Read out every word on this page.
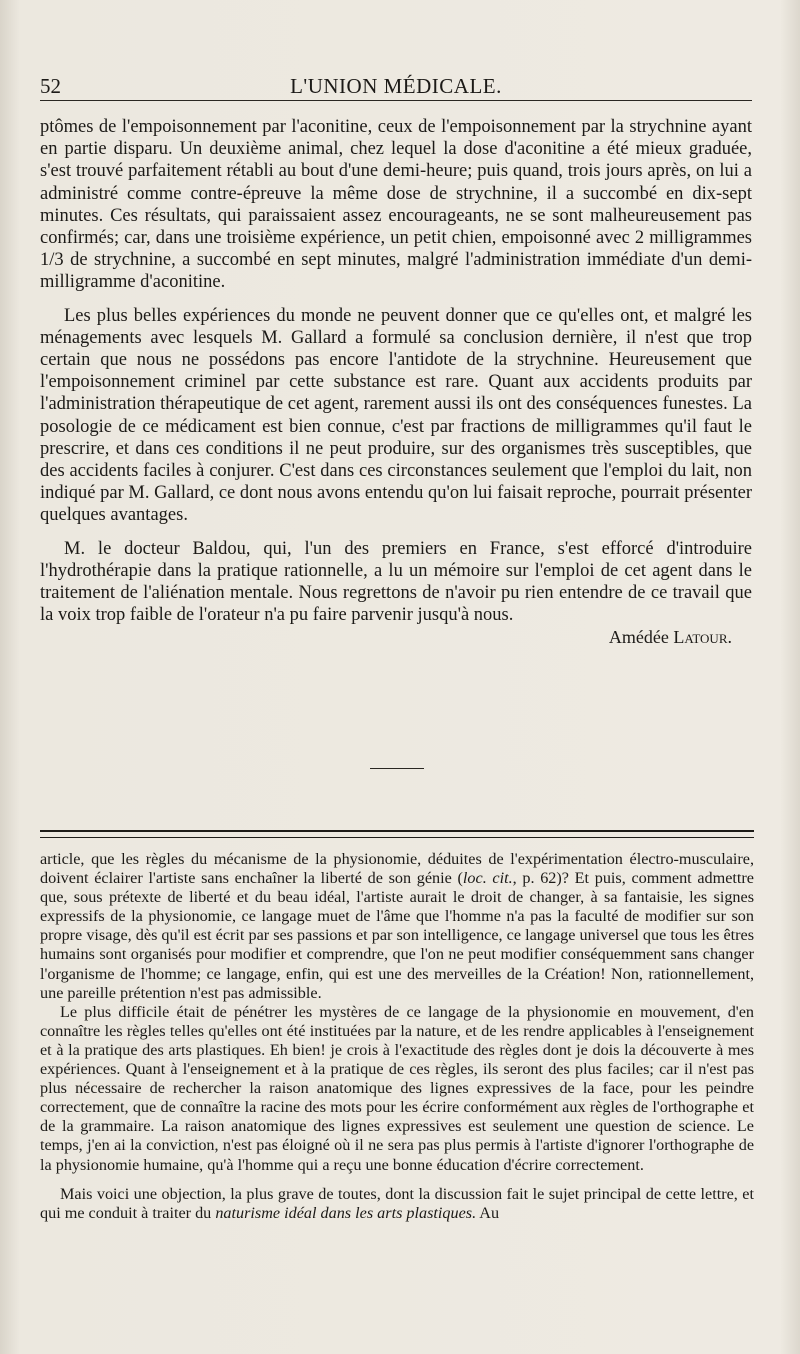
52	L'UNION MÉDICALE.

ptômes de l'empoisonnement par l'aconitine, ceux de l'empoisonnement par la strychnine ayant en partie disparu. Un deuxième animal, chez lequel la dose d'aconitine a été mieux graduée, s'est trouvé parfaitement rétabli au bout d'une demi-heure; puis quand, trois jours après, on lui a administré comme contre-épreuve la même dose de strychnine, il a succombé en dix-sept minutes. Ces résultats, qui paraissaient assez encourageants, ne se sont malheureusement pas confirmés; car, dans une troisième expérience, un petit chien, empoisonné avec 2 milligrammes 1/3 de strychnine, a succombé en sept minutes, malgré l'administration immédiate d'un demi-milligramme d'aconitine.

Les plus belles expériences du monde ne peuvent donner que ce qu'elles ont, et malgré les ménagements avec lesquels M. Gallard a formulé sa conclusion dernière, il n'est que trop certain que nous ne possédons pas encore l'antidote de la strychnine. Heureusement que l'empoisonnement criminel par cette substance est rare. Quant aux accidents produits par l'administration thérapeutique de cet agent, rarement aussi ils ont des conséquences funestes. La posologie de ce médicament est bien connue, c'est par fractions de milligrammes qu'il faut le prescrire, et dans ces conditions il ne peut produire, sur des organismes très susceptibles, que des accidents faciles à conjurer. C'est dans ces circonstances seulement que l'emploi du lait, non indiqué par M. Gallard, ce dont nous avons entendu qu'on lui faisait reproche, pourrait présenter quelques avantages.

M. le docteur Baldou, qui, l'un des premiers en France, s'est efforcé d'introduire l'hydrothérapie dans la pratique rationnelle, a lu un mémoire sur l'emploi de cet agent dans le traitement de l'aliénation mentale. Nous regrettons de n'avoir pu rien entendre de ce travail que la voix trop faible de l'orateur n'a pu faire parvenir jusqu'à nous.

Amédée Latour.

article, que les règles du mécanisme de la physionomie, déduites de l'expérimentation électro-musculaire, doivent éclairer l'artiste sans enchaîner la liberté de son génie (loc. cit., p. 62)? Et puis, comment admettre que, sous prétexte de liberté et du beau idéal, l'artiste aurait le droit de changer, à sa fantaisie, les signes expressifs de la physionomie, ce langage muet de l'âme que l'homme n'a pas la faculté de modifier sur son propre visage, dès qu'il est écrit par ses passions et par son intelligence, ce langage universel que tous les êtres humains sont organisés pour modifier et comprendre, que l'on ne peut modifier conséquemment sans changer l'organisme de l'homme; ce langage, enfin, qui est une des merveilles de la Création! Non, rationnellement, une pareille prétention n'est pas admissible.

Le plus difficile était de pénétrer les mystères de ce langage de la physionomie en mouvement, d'en connaître les règles telles qu'elles ont été instituées par la nature, et de les rendre applicables à l'enseignement et à la pratique des arts plastiques. Eh bien! je crois à l'exactitude des règles dont je dois la découverte à mes expériences. Quant à l'enseignement et à la pratique de ces règles, ils seront des plus faciles; car il n'est pas plus nécessaire de rechercher la raison anatomique des lignes expressives de la face, pour les peindre correctement, que de connaître la racine des mots pour les écrire conformément aux règles de l'orthographe et de la grammaire. La raison anatomique des lignes expressives est seulement une question de science. Le temps, j'en ai la conviction, n'est pas éloigné où il ne sera pas plus permis à l'artiste d'ignorer l'orthographe de la physionomie humaine, qu'à l'homme qui a reçu une bonne éducation d'écrire correctement.

Mais voici une objection, la plus grave de toutes, dont la discussion fait le sujet principal de cette lettre, et qui me conduit à traiter du naturisme idéal dans les arts plastiques. Au
